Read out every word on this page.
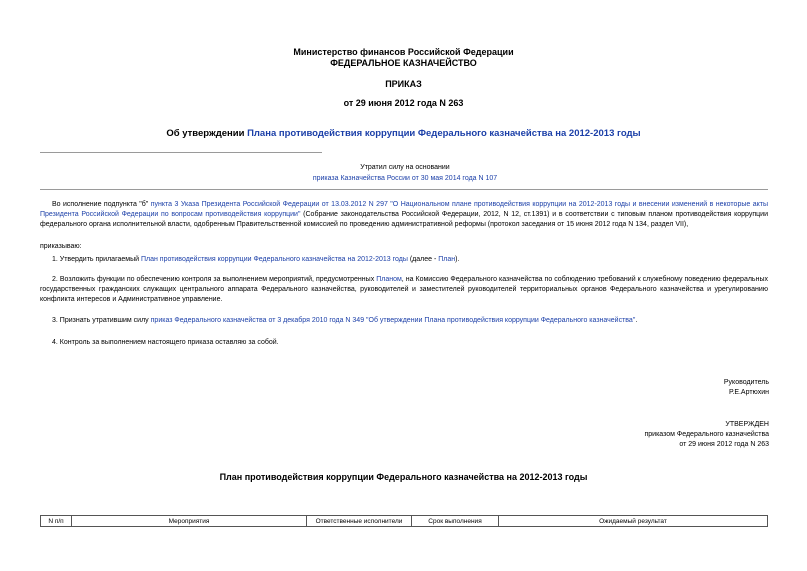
Министерство финансов Российской Федерации
ФЕДЕРАЛЬНОЕ КАЗНАЧЕЙСТВО
ПРИКАЗ
от 29 июня 2012 года N 263
Об утверждении Плана противодействия коррупции Федерального казначейства на 2012-2013 годы
Утратил силу на основании
приказа Казначейства России от 30 мая 2014 года N 107
Во исполнение подпункта "б" пункта 3 Указа Президента Российской Федерации от 13.03.2012 N 297 "О Национальном плане противодействия коррупции на 2012-2013 годы и внесении изменений в некоторые акты Президента Российской Федерации по вопросам противодействия коррупции" (Собрание законодательства Российской Федерации, 2012, N 12, ст.1391) и в соответствии с типовым планом противодействия коррупции федерального органа исполнительной власти, одобренным Правительственной комиссией по проведению административной реформы (протокол заседания от 15 июня 2012 года N 134, раздел VII),
приказываю:
1. Утвердить прилагаемый План противодействия коррупции Федерального казначейства на 2012-2013 годы (далее - План).
2. Возложить функции по обеспечению контроля за выполнением мероприятий, предусмотренных Планом, на Комиссию Федерального казначейства по соблюдению требований к служебному поведению федеральных государственных гражданских служащих центрального аппарата Федерального казначейства, руководителей и заместителей руководителей территориальных органов Федерального казначейства и урегулированию конфликта интересов и Административное управление.
3. Признать утратившим силу приказ Федерального казначейства от 3 декабря 2010 года N 349 "Об утверждении Плана противодействия коррупции Федерального казначейства".
4. Контроль за выполнением настоящего приказа оставляю за собой.
Руководитель
Р.Е.Артюхин
УТВЕРЖДЕН
приказом Федерального казначейства
от 29 июня 2012 года N 263
План противодействия коррупции Федерального казначейства на 2012-2013 годы
N п/п	Мероприятия	Ответственные исполнители	Срок выполнения	Ожидаемый результат
